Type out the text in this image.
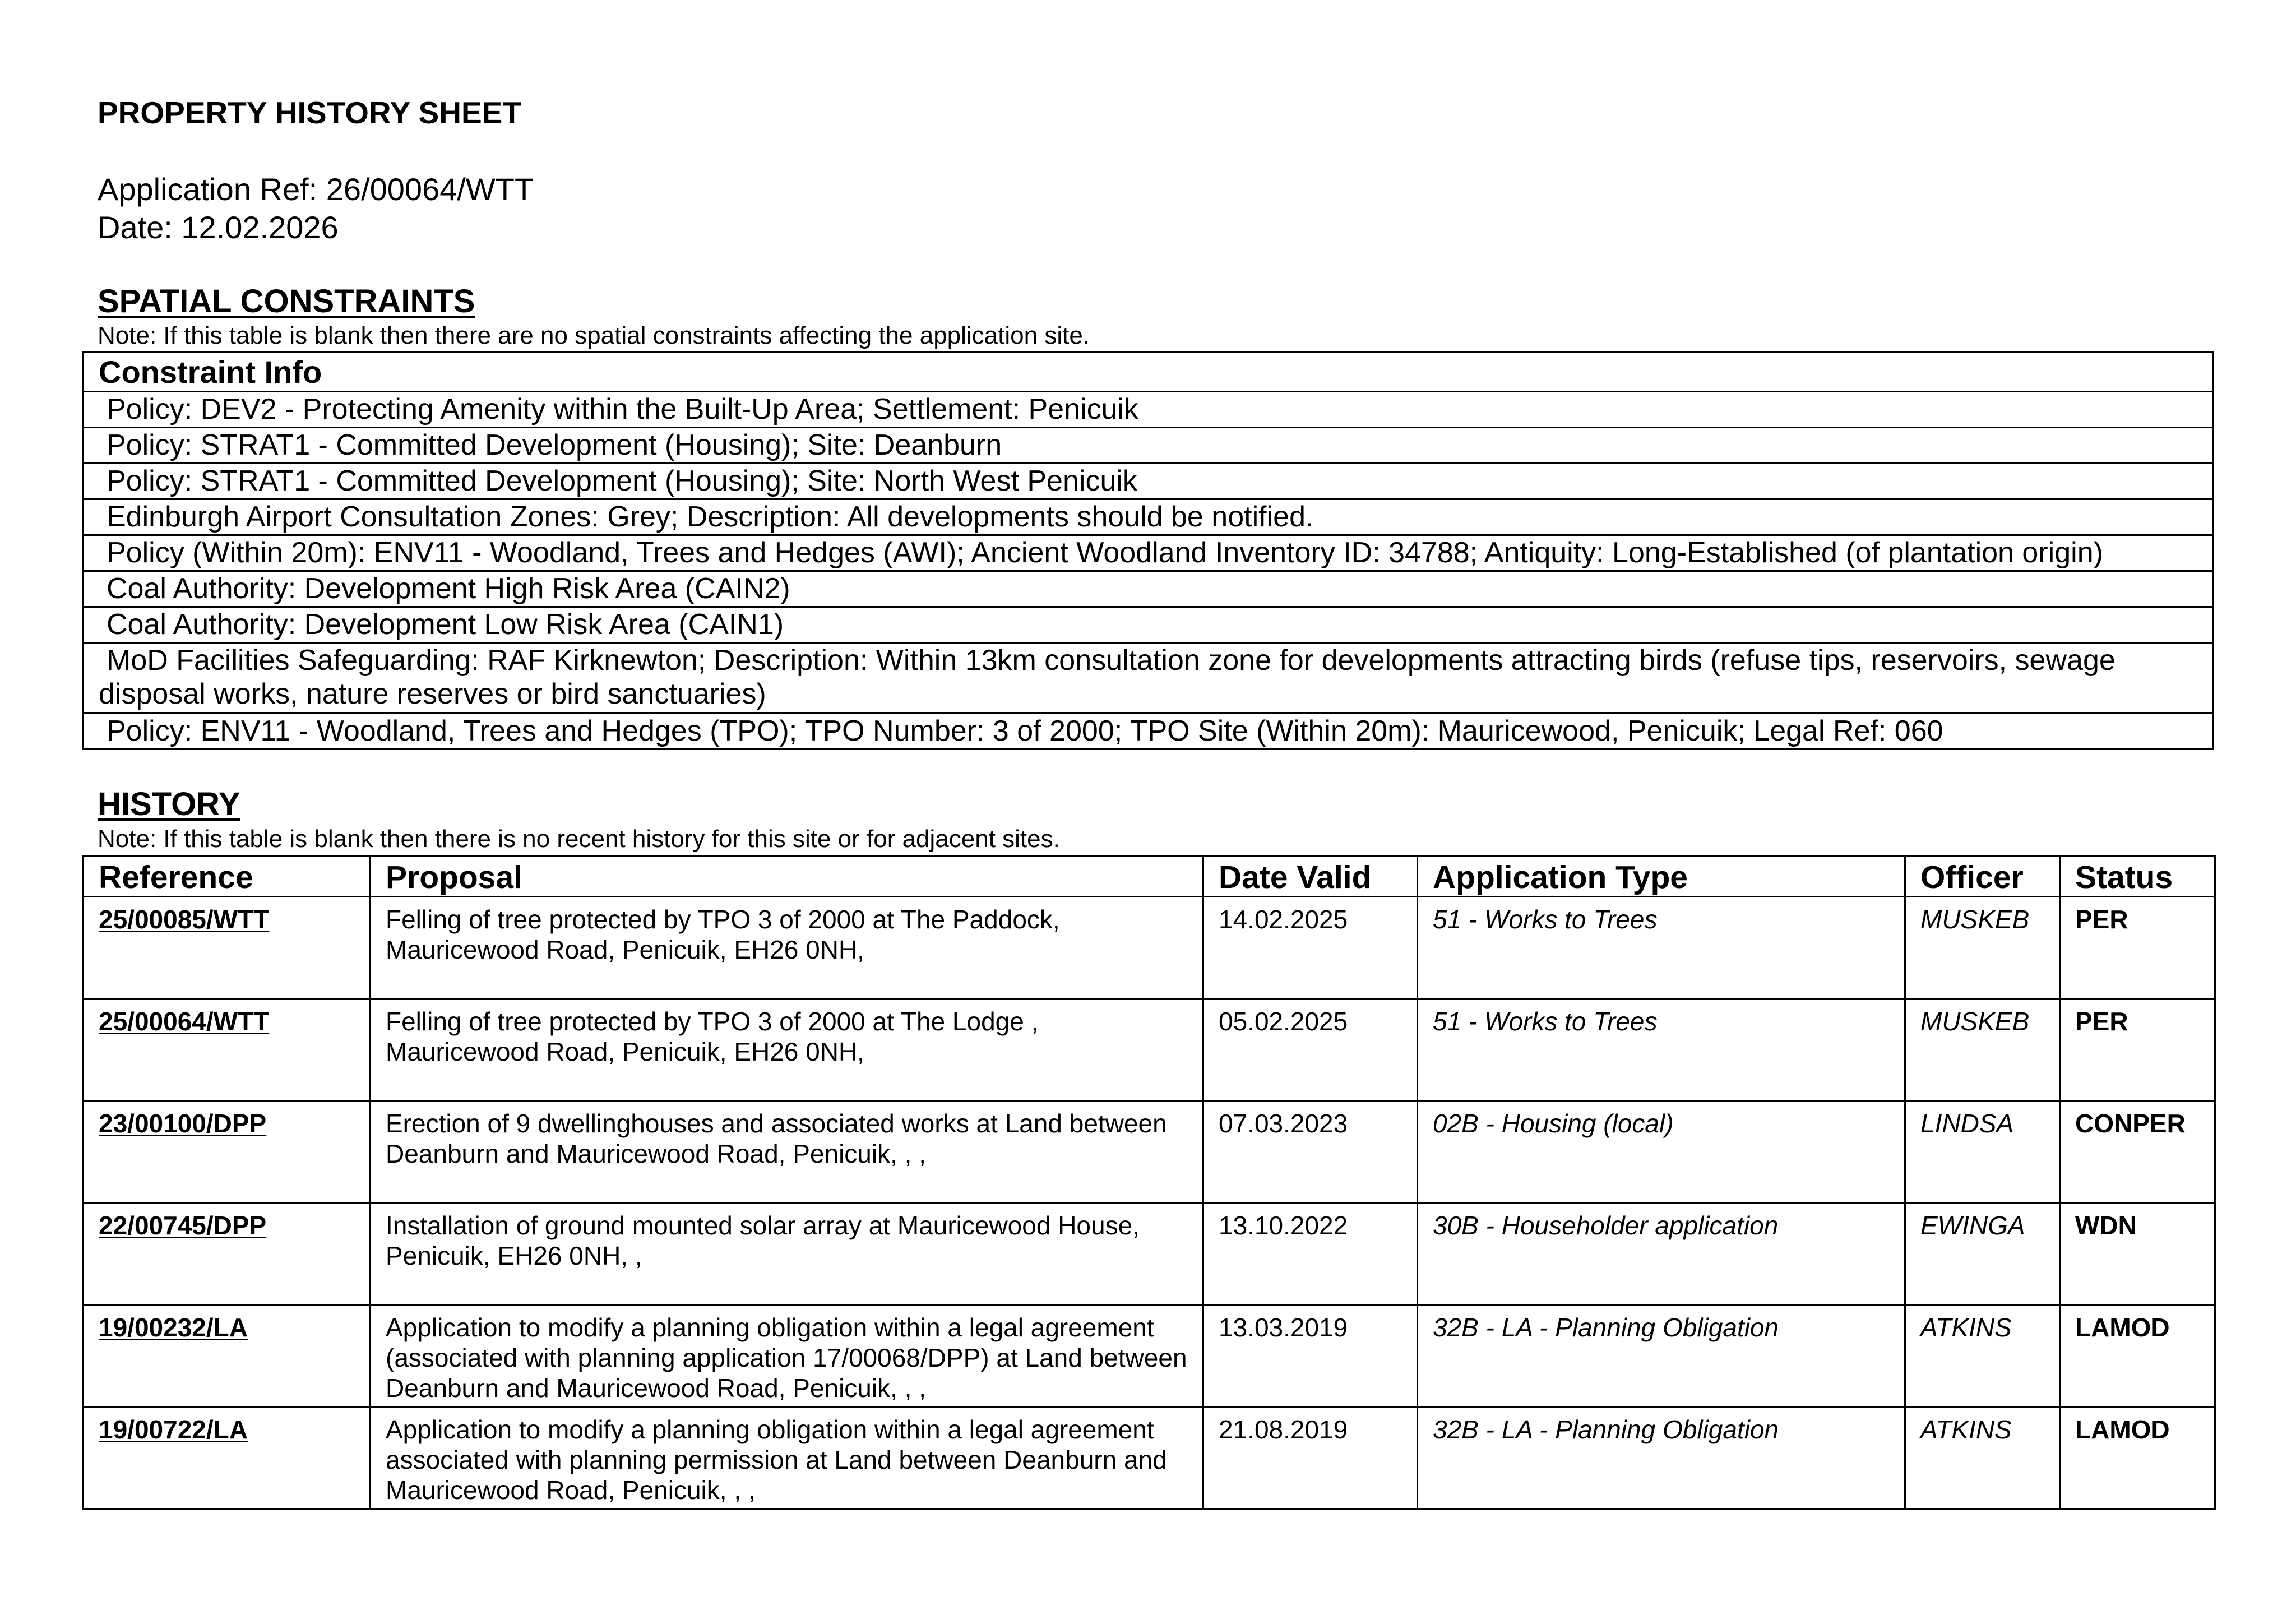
PROPERTY HISTORY SHEET
Application Ref: 26/00064/WTT
Date: 12.02.2026
SPATIAL CONSTRAINTS
Note: If this table is blank then there are no spatial constraints affecting the application site.
Constraint Info
Policy: DEV2 - Protecting Amenity within the Built-Up Area; Settlement: Penicuik
Policy: STRAT1 - Committed Development (Housing); Site: Deanburn
Policy: STRAT1 - Committed Development (Housing); Site: North West Penicuik
Edinburgh Airport Consultation Zones: Grey; Description: All developments should be notified.
Policy (Within 20m): ENV11 - Woodland, Trees and Hedges (AWI); Ancient Woodland Inventory ID: 34788; Antiquity: Long-Established (of plantation origin)
Coal Authority: Development High Risk Area (CAIN2)
Coal Authority: Development Low Risk Area (CAIN1)
MoD Facilities Safeguarding: RAF Kirknewton; Description: Within 13km consultation zone for developments attracting birds (refuse tips, reservoirs, sewage disposal works, nature reserves or bird sanctuaries)
Policy: ENV11 - Woodland, Trees and Hedges (TPO); TPO Number: 3 of 2000; TPO Site (Within 20m): Mauricewood, Penicuik; Legal Ref: 060
HISTORY
Note: If this table is blank then there is no recent history for this site or for adjacent sites.
Reference	Proposal	Date Valid	Application Type	Officer	Status
25/00085/WTT	Felling of tree protected by TPO 3 of 2000 at The Paddock, Mauricewood Road, Penicuik, EH26 0NH,	14.02.2025	51 - Works to Trees	MUSKEB	PER
25/00064/WTT	Felling of tree protected by TPO 3 of 2000 at The Lodge , Mauricewood Road, Penicuik, EH26 0NH,	05.02.2025	51 - Works to Trees	MUSKEB	PER
23/00100/DPP	Erection of 9 dwellinghouses and associated works at Land between Deanburn and Mauricewood Road, Penicuik, , ,	07.03.2023	02B - Housing (local)	LINDSA	CONPER
22/00745/DPP	Installation of ground mounted solar array at Mauricewood House, Penicuik, EH26 0NH, ,	13.10.2022	30B - Householder application	EWINGA	WDN
19/00232/LA	Application to modify a planning obligation within a legal agreement (associated with planning application 17/00068/DPP) at Land between Deanburn and Mauricewood Road, Penicuik, , ,	13.03.2019	32B - LA - Planning Obligation	ATKINS	LAMOD
19/00722/LA	Application to modify a planning obligation within a legal agreement associated with planning permission at Land between Deanburn and Mauricewood Road, Penicuik, , ,	21.08.2019	32B - LA - Planning Obligation	ATKINS	LAMOD
